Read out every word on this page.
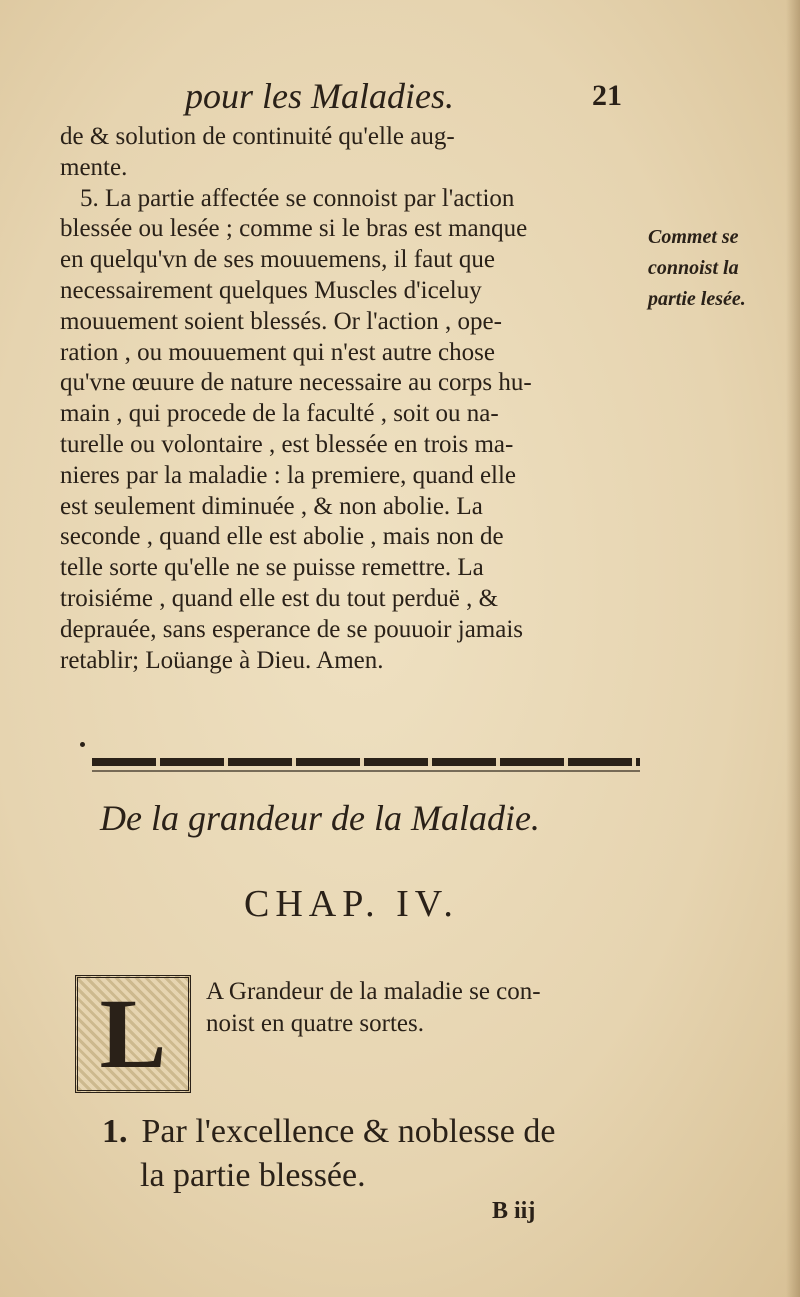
pour les Maladies.	21

de & solution de continuité qu'elle aug-

mente.

5. La partie affectée se connoist par l'action

blessée ou lesée ; comme si le bras est manque

en quelqu'vn de ses mouuemens, il faut que

necessairement quelques Muscles d'iceluy

mouuement soient blessés. Or l'action , ope-

ration , ou mouuement qui n'est autre chose

qu'vne œuure de nature necessaire au corps hu-

main , qui procede de la faculté , soit ou na-

turelle ou volontaire , est blessée en trois ma-

nieres par la maladie : la premiere, quand elle

est seulement diminuée , & non abolie. La

seconde , quand elle est abolie , mais non de

telle sorte qu'elle ne se puisse remettre. La

troisiéme , quand elle est du tout perduë , &

deprauée, sans esperance de se pouuoir jamais

retablir; Loüange à Dieu. Amen.

Commet se
connoist la
partie lesée.
De la grandeur de la Maladie.
CHAP. IV.
L	A Grandeur de la maladie se con-
noist en quatre sortes.
1. Par l'excellence & noblesse de
la partie blessée.
B iij
